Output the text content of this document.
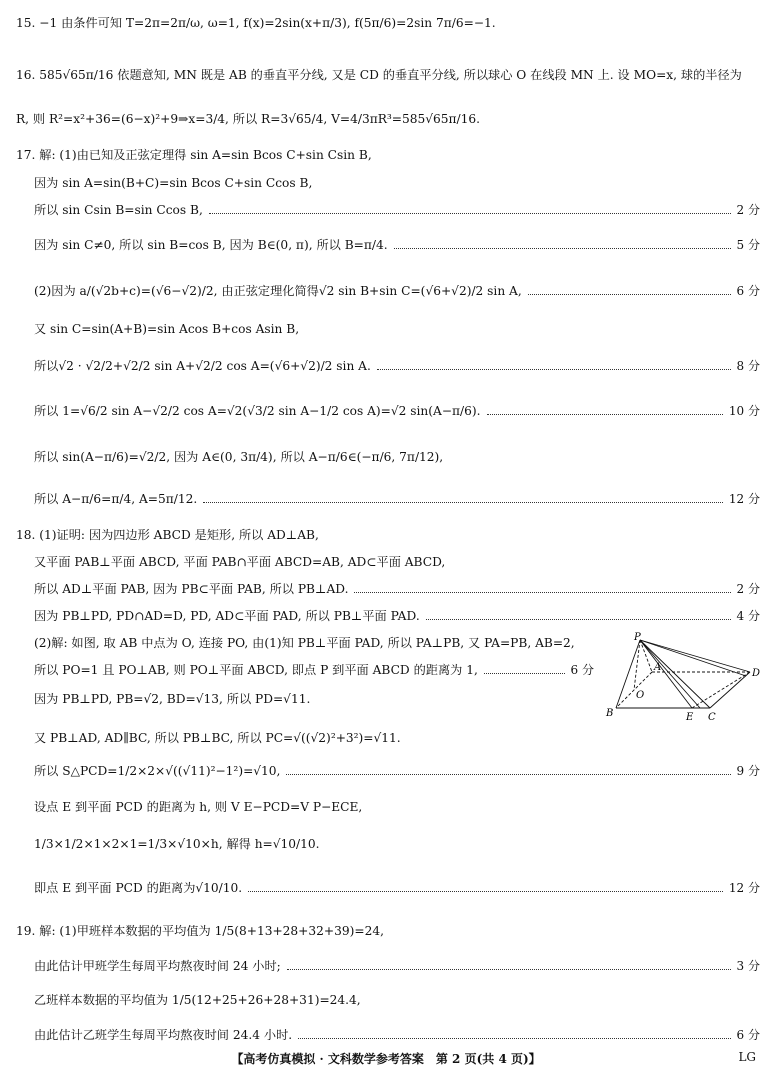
15. −1 由条件可知 T=2π=2π/ω, ω=1, f(x)=2sin(x+π/3), f(5π/6)=2sin 7π/6=−1.
16. 585√65π/16 依题意知, MN 既是 AB 的垂直平分线, 又是 CD 的垂直平分线, 所以球心 O 在线段 MN 上. 设 MO=x, 球的半径为
R, 则 R²=x²+36=(6−x)²+9⇒x=3/4, 所以 R=3√65/4, V=4/3πR³=585√65π/16.
17. 解: (1)由已知及正弦定理得 sin A=sin Bcos C+sin Csin B,
因为 sin A=sin(B+C)=sin Bcos C+sin Ccos B,
所以 sin Csin B=sin Ccos B,	2 分
因为 sin C≠0, 所以 sin B=cos B, 因为 B∈(0, π), 所以 B=π/4.	5 分
(2)因为 a/(√2b+c)=(√6−√2)/2, 由正弦定理化简得√2 sin B+sin C=(√6+√2)/2 sin A,	6 分
又 sin C=sin(A+B)=sin Acos B+cos Asin B,
所以√2 · √2/2+√2/2 sin A+√2/2 cos A=(√6+√2)/2 sin A.	8 分
所以 1=√6/2 sin A−√2/2 cos A=√2(√3/2 sin A−1/2 cos A)=√2 sin(A−π/6).	10 分
所以 sin(A−π/6)=√2/2, 因为 A∈(0, 3π/4), 所以 A−π/6∈(−π/6, 7π/12),
所以 A−π/6=π/4, A=5π/12.	12 分
18. (1)证明: 因为四边形 ABCD 是矩形, 所以 AD⊥AB,
又平面 PAB⊥平面 ABCD, 平面 PAB∩平面 ABCD=AB, AD⊂平面 ABCD,
所以 AD⊥平面 PAB, 因为 PB⊂平面 PAB, 所以 PB⊥AD.	2 分
因为 PB⊥PD, PD∩AD=D, PD, AD⊂平面 PAD, 所以 PB⊥平面 PAD.	4 分
(2)解: 如图, 取 AB 中点为 O, 连接 PO, 由(1)知 PB⊥平面 PAD, 所以 PA⊥PB, 又 PA=PB, AB=2,
所以 PO=1 且 PO⊥AB, 则 PO⊥平面 ABCD, 即点 P 到平面 ABCD 的距离为 1,	6 分
因为 PB⊥PD, PB=√2, BD=√13, 所以 PD=√11.
又 PB⊥AD, AD∥BC, 所以 PB⊥BC, 所以 PC=√((√2)²+3²)=√11.
所以 S△PCD=1/2×2×√((√11)²−1²)=√10,	9 分
设点 E 到平面 PCD 的距离为 h, 则 V E−PCD=V P−ECE,
1/3×1/2×1×2×1=1/3×√10×h, 解得 h=√10/10.
即点 E 到平面 PCD 的距离为√10/10.	12 分
19. 解: (1)甲班样本数据的平均值为 1/5(8+13+28+32+39)=24,
由此估计甲班学生每周平均熬夜时间 24 小时;	3 分
乙班样本数据的平均值为 1/5(12+25+26+28+31)=24.4,
由此估计乙班学生每周平均熬夜时间 24.4 小时.	6 分
P
A
O
B	E C
D
【高考仿真模拟 · 文科数学参考答案　第 2 页(共 4 页)】	LG
